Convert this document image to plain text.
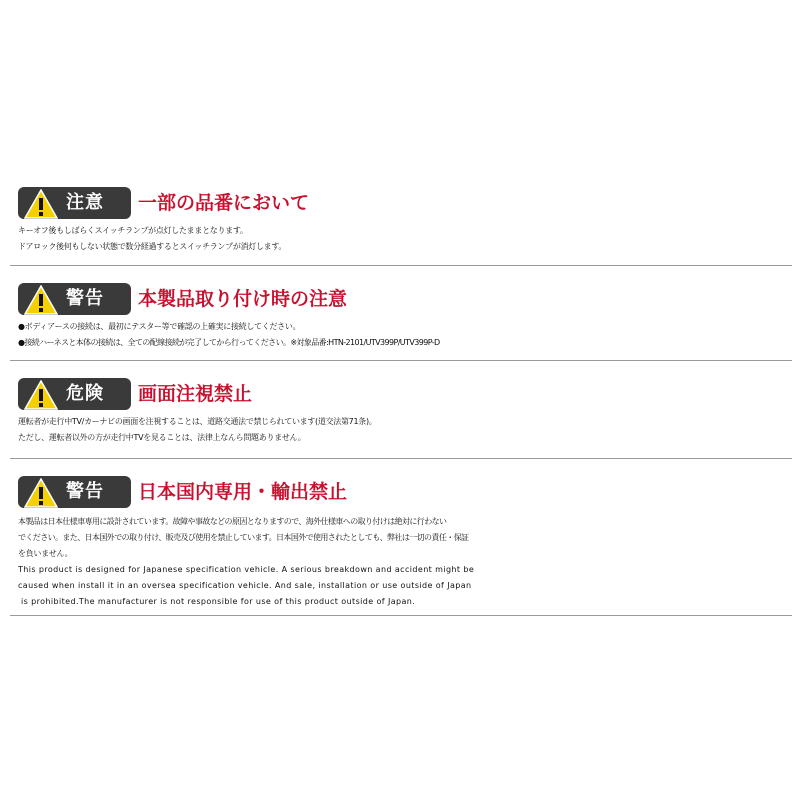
注意 一部の品番において
キーオフ後もしばらくスイッチランプが点灯したままとなります。
ドアロック後何もしない状態で数分経過するとスイッチランプが消灯します。
警告 本製品取り付け時の注意
●ボディアースの接続は、最初にテスター等で確認の上確実に接続してください。
●接続ハーネスと本体の接続は、全ての配線接続が完了してから行ってください。※対象品番:HTN-2101/UTV399P/UTV399P-D
危険 画面注視禁止
運転者が走行中TV/カーナビの画面を注視することは、道路交通法で禁じられています(道交法第71条)。
ただし、運転者以外の方が走行中TVを見ることは、法律上なんら問題ありません。
警告 日本国内専用・輸出禁止
本製品は日本仕様車専用に設計されています。故障や事故などの原因となりますので、海外仕様車への取り付けは絶対に行わない
でください。また、日本国外での取り付け、販売及び使用を禁止しています。日本国外で使用されたとしても、弊社は一切の責任・保証
を負いません。
This product is designed for Japanese specification vehicle. A serious breakdown and accident might be
caused when install it in an oversea specification vehicle. And sale, installation or use outside of Japan
is prohibited.The manufacturer is not responsible for use of this product outside of Japan.
